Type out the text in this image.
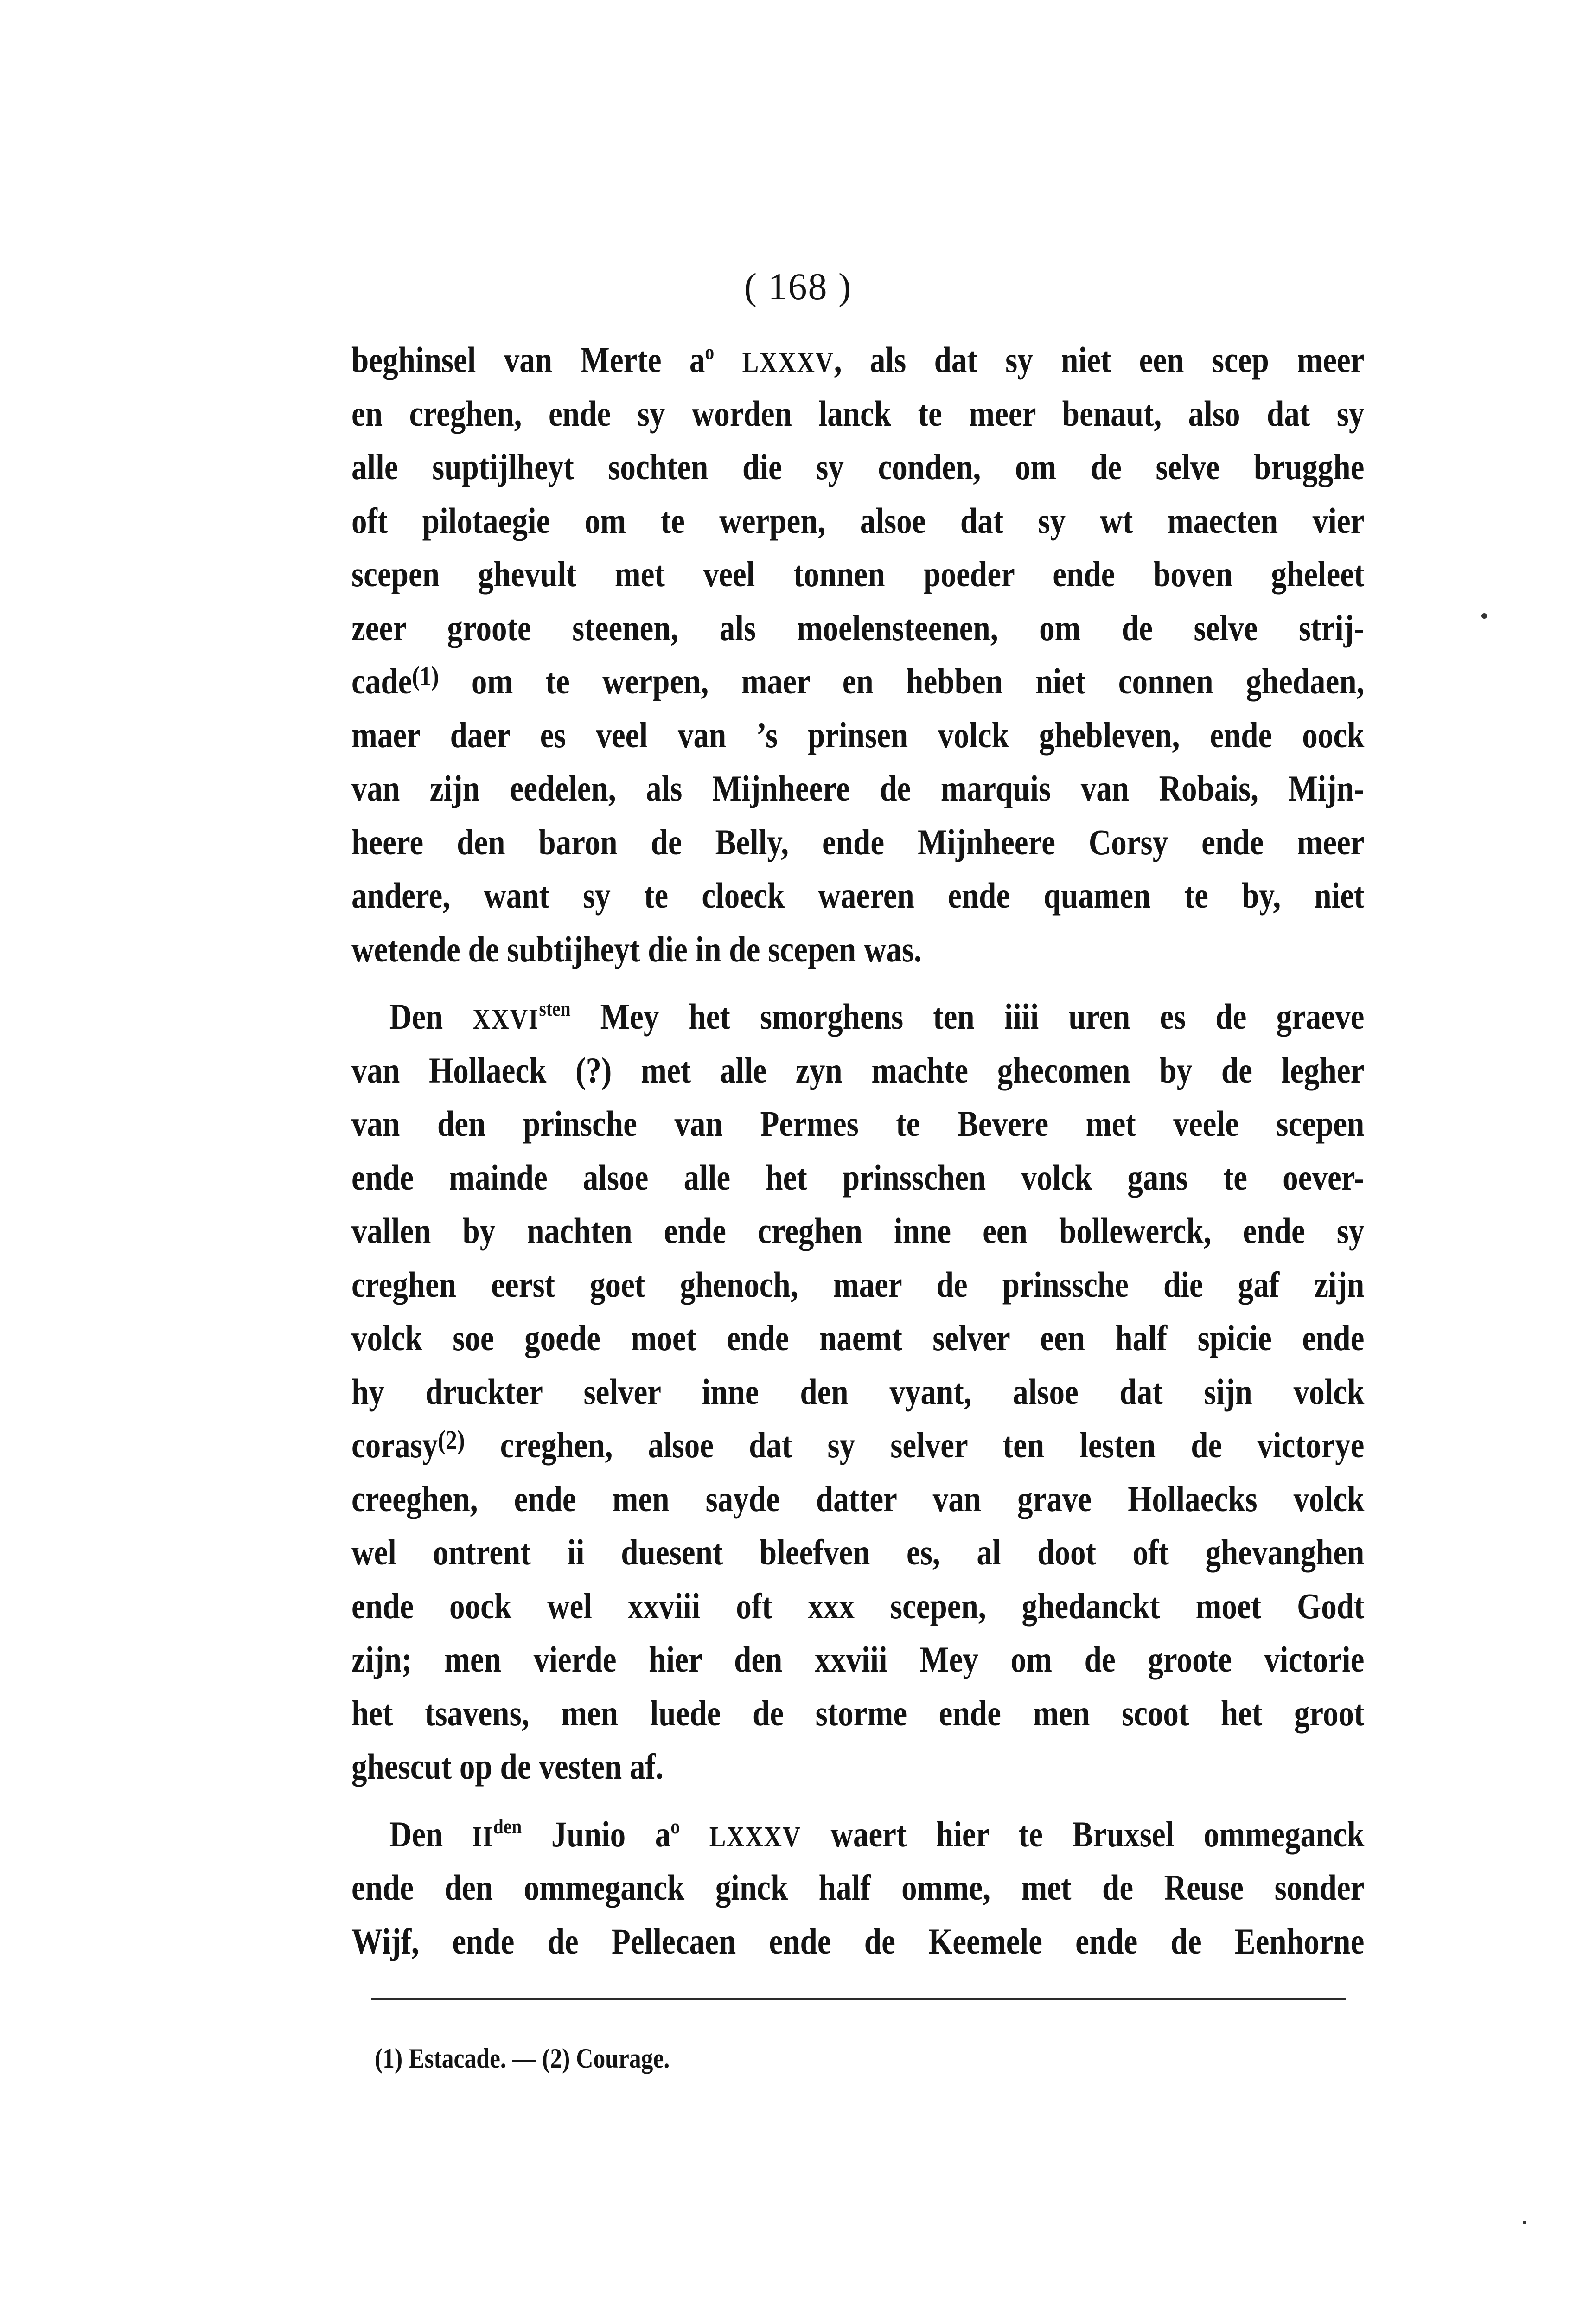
( 168 )
beghinsel van Merte $a^o$ LXXXV, als dat sy niet een scep meer
en creghen, ende sy worden lanck te meer benaut, also dat sy
alle suptijlheyt sochten die sy conden, om de selve brugghe
oft pilotaegie om te werpen, alsoe dat sy wt maecten vier
scepen ghevult met veel tonnen poeder ende boven gheleet
zeer groote steenen, als moelensteenen, om de selve strij-
cade$^{(1)}$ om te werpen, maer en hebben niet connen ghedaen,
maer daer es veel van ’s prinsen volck ghebleven, ende oock
van zijn eedelen, als Mijnheere de marquis van Robais, Mijn-
heere den baron de Belly, ende Mijnheere Corsy ende meer
andere, want sy te cloeck waeren ende quamen te by, niet
wetende de subtijheyt die in de scepen was.
Den $XXVI^{sten}$ Mey het smorghens ten iiii uren es de graeve
van Hollaeck (?) met alle zyn machte ghecomen by de legher
van den prinsche van Permes te Bevere met veele scepen
ende mainde alsoe alle het prinsschen volck gans te oever-
vallen by nachten ende creghen inne een bollewerck, ende sy
creghen eerst goet ghenoch, maer de prinssche die gaf zijn
volck soe goede moet ende naemt selver een half spicie ende
hy druckter selver inne den vyant, alsoe dat sijn volck
corasy$^{(2)}$ creghen, alsoe dat sy selver ten lesten de victorye
creeghen, ende men sayde datter van grave Hollaecks volck
wel ontrent ii duesent bleefven es, al doot oft ghevanghen
ende oock wel xxviii oft xxx scepen, ghedanckt moet Godt
zijn; men vierde hier den xxviii Mey om de groote victorie
het tsavens, men luede de storme ende men scoot het groot
ghescut op de vesten af.
Den $II^{den}$ Junio $a^o$ LXXXV waert hier te Bruxsel ommeganck
ende den ommeganck ginck half omme, met de Reuse sonder
Wijf, ende de Pellecaen ende de Keemele ende de Eenhorne
(1) Estacade. — (2) Courage.
